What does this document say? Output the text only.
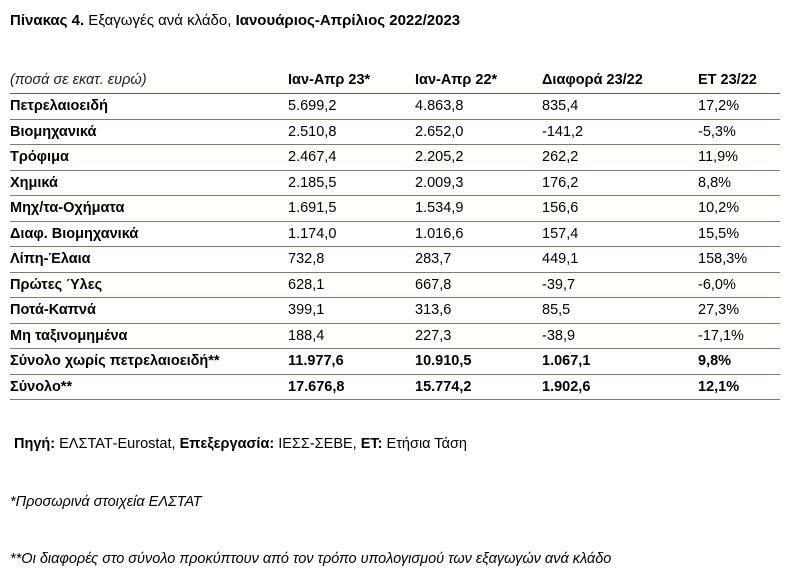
Πίνακας 4. Εξαγωγές ανά κλάδο, Ιανουάριος-Απρίλιος 2022/2023
(ποσά σε εκατ. ευρώ)	Ιαν-Απρ 23*	Ιαν-Απρ 22*	Διαφορά 23/22	ΕΤ 23/22
Πετρελαιοειδή	5.699,2	4.863,8	835,4	17,2%
Βιομηχανικά	2.510,8	2.652,0	-141,2	-5,3%
Τρόφιμα	2.467,4	2.205,2	262,2	11,9%
Χημικά	2.185,5	2.009,3	176,2	8,8%
Μηχ/τα-Οχήματα	1.691,5	1.534,9	156,6	10,2%
Διαφ. Βιομηχανικά	1.174,0	1.016,6	157,4	15,5%
Λίπη-Έλαια	732,8	283,7	449,1	158,3%
Πρώτες Ύλες	628,1	667,8	-39,7	-6,0%
Ποτά-Καπνά	399,1	313,6	85,5	27,3%
Μη ταξινομημένα	188,4	227,3	-38,9	-17,1%
Σύνολο χωρίς πετρελαιοειδή**	11.977,6	10.910,5	1.067,1	9,8%
Σύνολο**	17.676,8	15.774,2	1.902,6	12,1%
Πηγή: ΕΛΣΤΑΤ-Eurostat, Επεξεργασία: ΙΕΣΣ-ΣΕΒΕ, ΕΤ: Ετήσια Τάση
*Προσωρινά στοιχεία ΕΛΣΤΑΤ
**Οι διαφορές στο σύνολο προκύπτουν από τον τρόπο υπολογισμού των εξαγωγών ανά κλάδο
